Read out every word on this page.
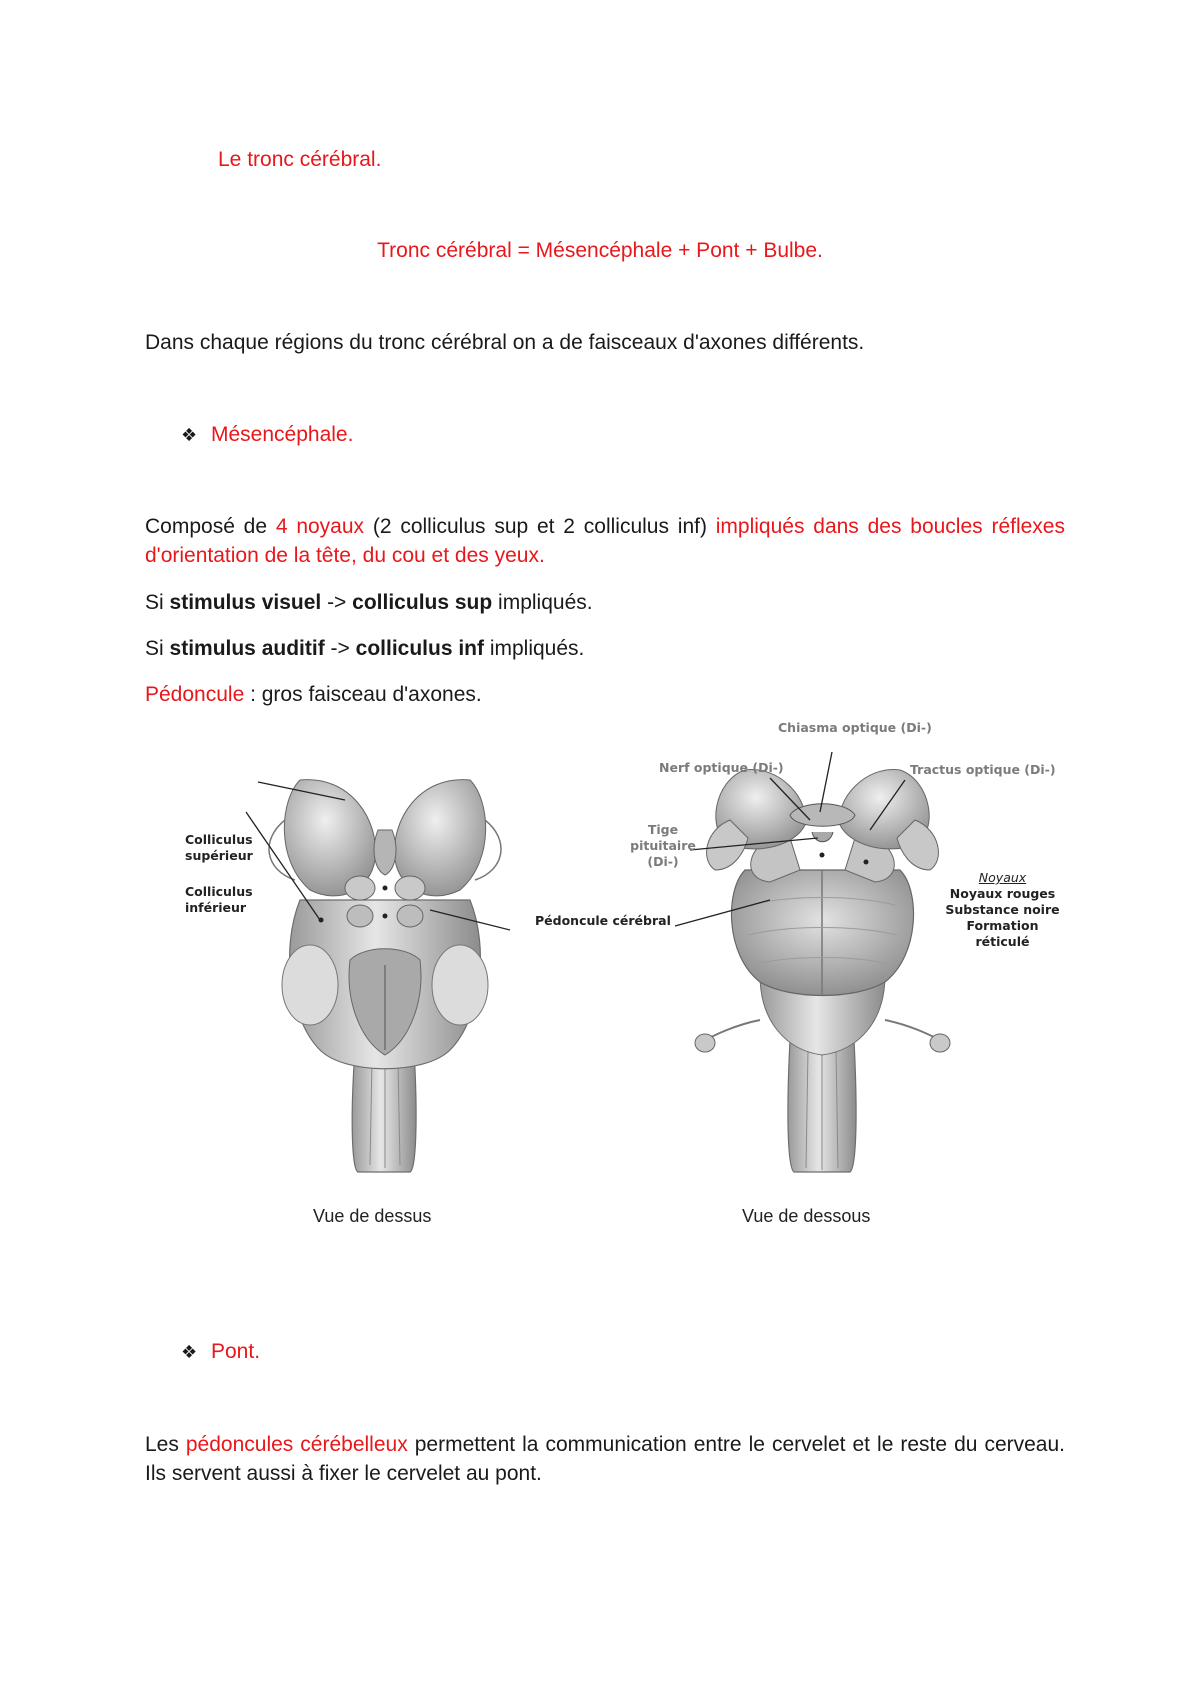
Le tronc cérébral.
Tronc cérébral = Mésencéphale + Pont + Bulbe.
Dans chaque régions du tronc cérébral on a de faisceaux d'axones différents.
❖ Mésencéphale.
Composé de 4 noyaux (2 colliculus sup et 2 colliculus inf) impliqués dans des boucles réflexes d'orientation de la tête, du cou et des yeux.
Si stimulus visuel -> colliculus sup impliqués.
Si stimulus auditif -> colliculus inf impliqués.
Pédoncule : gros faisceau d'axones.
Colliculus
supérieur
Colliculus
inférieur
Pédoncule cérébral
Chiasma optique (Di-)
Nerf optique (Di-)	Tractus optique (Di-)
Tige pituitaire
(Di-)
Noyaux
Noyaux rouges
Substance noire
Formation réticulé
Vue de dessus	Vue de dessous
❖ Pont.
Les pédoncules cérébelleux permettent la communication entre le cervelet et le reste du cerveau. Ils servent aussi à fixer le cervelet au pont.
